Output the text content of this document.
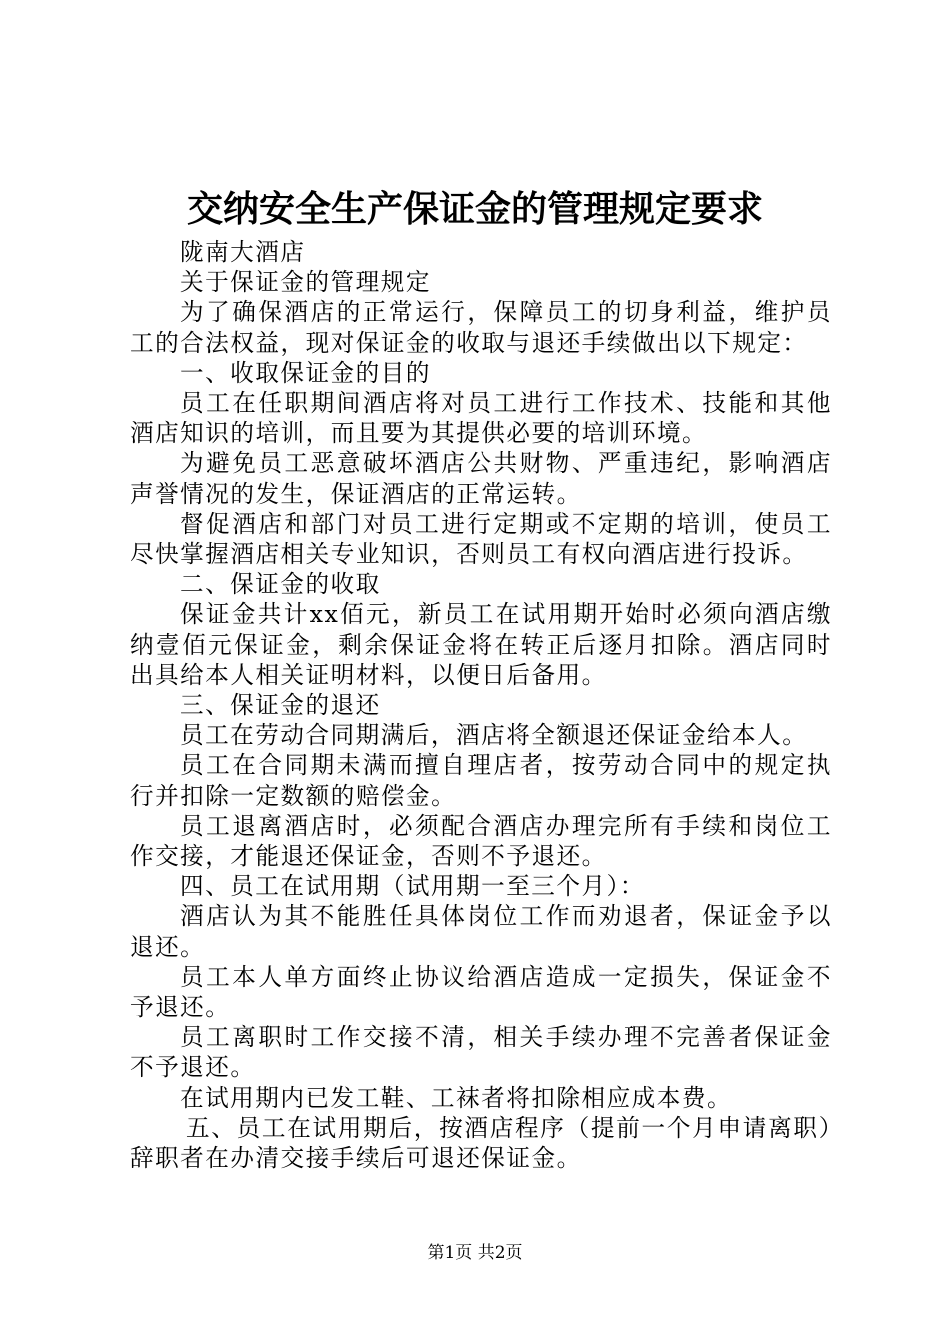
交纳安全生产保证金的管理规定要求

陇南大酒店

关于保证金的管理规定

为了确保酒店的正常运行，保障员工的切身利益，维护员工的合法权益，现对保证金的收取与退还手续做出以下规定：

一、收取保证金的目的

员工在任职期间酒店将对员工进行工作技术、技能和其他酒店知识的培训，而且要为其提供必要的培训环境。

为避免员工恶意破坏酒店公共财物、严重违纪，影响酒店声誉情况的发生，保证酒店的正常运转。

督促酒店和部门对员工进行定期或不定期的培训，使员工尽快掌握酒店相关专业知识，否则员工有权向酒店进行投诉。

二、保证金的收取

保证金共计xx佰元，新员工在试用期开始时必须向酒店缴纳壹佰元保证金，剩余保证金将在转正后逐月扣除。酒店同时出具给本人相关证明材料，以便日后备用。

三、保证金的退还

员工在劳动合同期满后，酒店将全额退还保证金给本人。

员工在合同期未满而擅自理店者，按劳动合同中的规定执行并扣除一定数额的赔偿金。

员工退离酒店时，必须配合酒店办理完所有手续和岗位工作交接，才能退还保证金，否则不予退还。

四、员工在试用期（试用期一至三个月）：

酒店认为其不能胜任具体岗位工作而劝退者，保证金予以退还。

员工本人单方面终止协议给酒店造成一定损失，保证金不予退还。

员工离职时工作交接不清，相关手续办理不完善者保证金不予退还。

在试用期内已发工鞋、工袜者将扣除相应成本费。

五、员工在试用期后，按酒店程序（提前一个月申请离职）辞职者在办清交接手续后可退还保证金。

第1页 共2页
